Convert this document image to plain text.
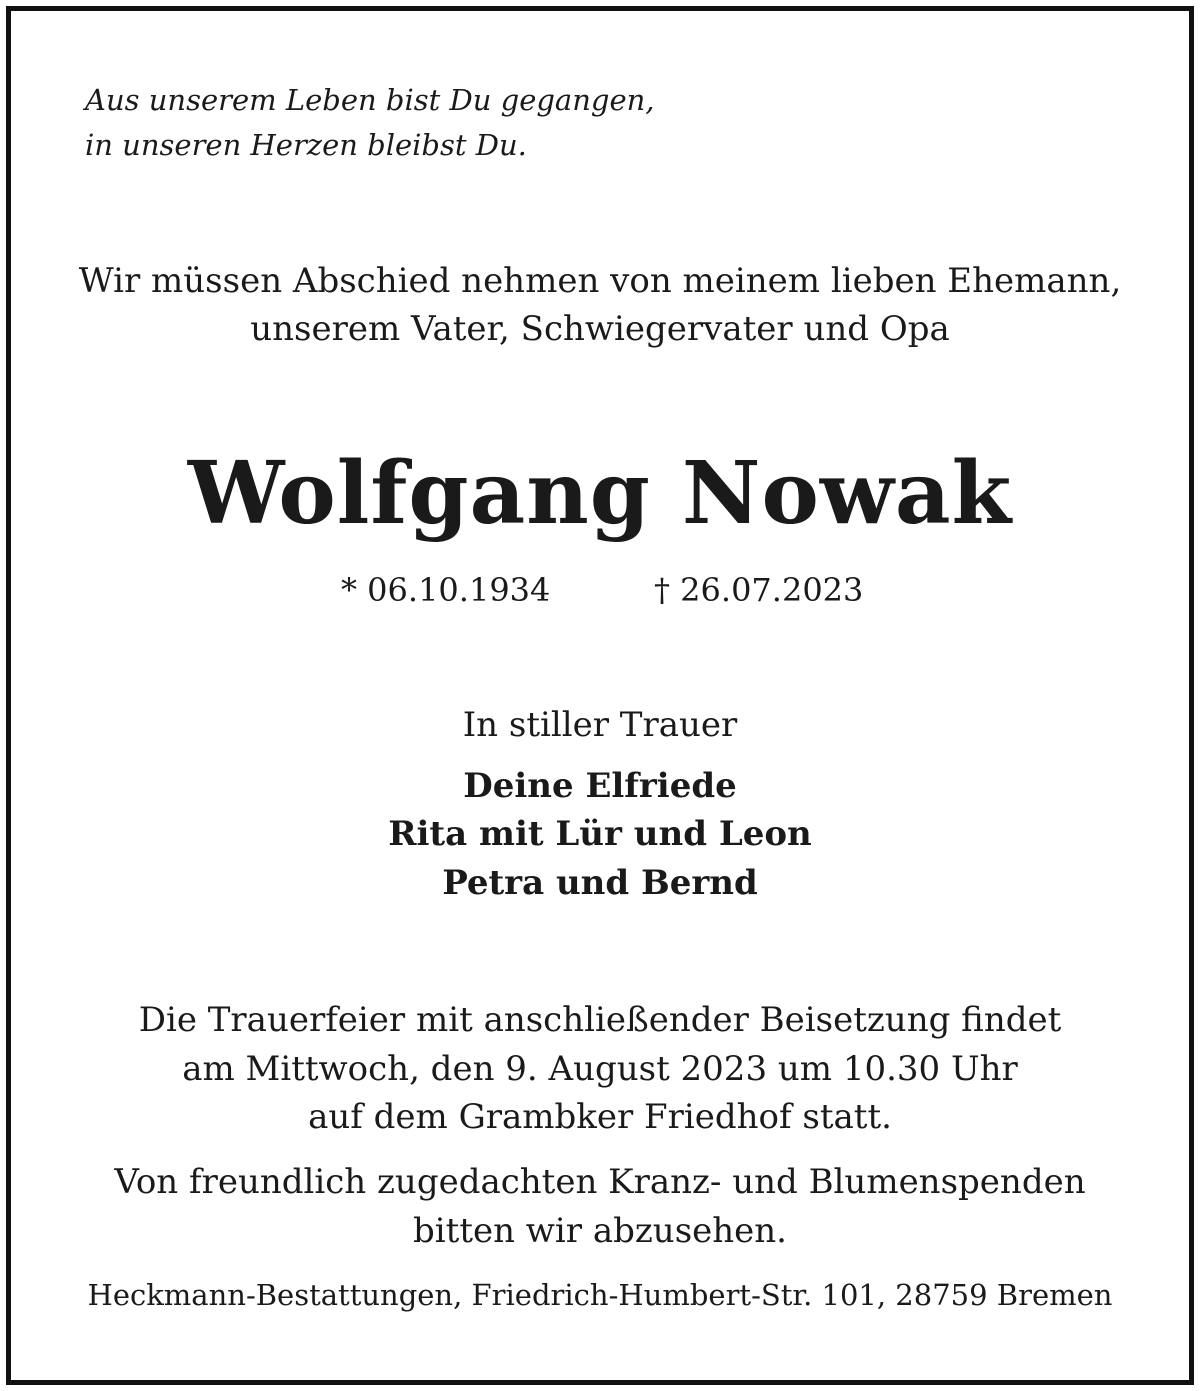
Aus unserem Leben bist Du gegangen,

in unseren Herzen bleibst Du.

Wir müssen Abschied nehmen von meinem lieben Ehemann,

unserem Vater, Schwiegervater und Opa

Wolfgang Nowak
* 06.10.1934	† 26.07.2023

In stiller Trauer

Deine Elfriede

Rita mit Lür und Leon

Petra und Bernd

Die Trauerfeier mit anschließender Beisetzung findet

am Mittwoch, den 9. August 2023 um 10.30 Uhr

auf dem Grambker Friedhof statt.

Von freundlich zugedachten Kranz- und Blumenspenden

bitten wir abzusehen.

Heckmann-Bestattungen, Friedrich-Humbert-Str. 101, 28759 Bremen
